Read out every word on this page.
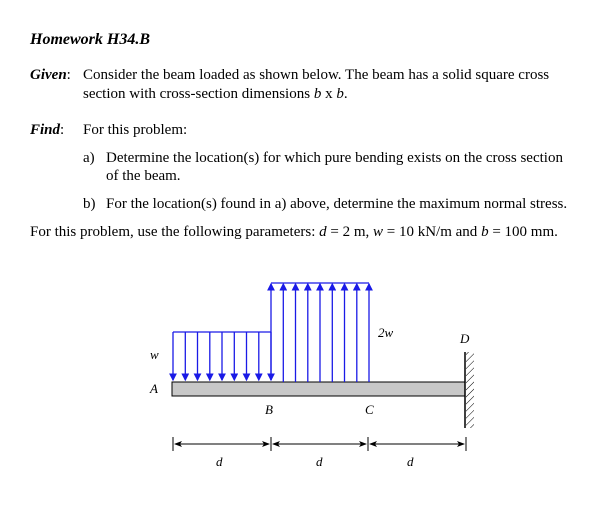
Homework H34.B
Given: Consider the beam loaded as shown below. The beam has a solid square cross
section with cross-section dimensions b x b.
Find: For this problem:
a) Determine the location(s) for which pure bending exists on the cross section
of the beam.
b) For the location(s) found in a) above, determine the maximum normal stress.
For this problem, use the following parameters: d = 2 m, w = 10 kN/m and b = 100 mm.
w
2w
A
B	C
D
d	d	d
